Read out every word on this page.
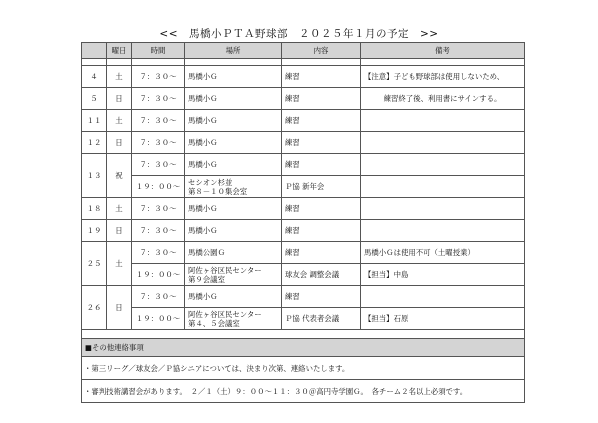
<<　馬橋小ＰＴＡ野球部　２０２５年１月の予定　>>
	曜日	時間	場所	内容	備考

４	土	７：３０～	馬橋小Ｇ	練習	【注意】子ども野球部は使用しないため、
５	日	７：３０～	馬橋小Ｇ	練習	練習終了後、利用書にサインする。
１１	土	７：３０～	馬橋小Ｇ	練習	
１２	日	７：３０～	馬橋小Ｇ	練習	
１３	祝	７：３０～	馬橋小Ｇ	練習	
		１９：００～	セシオン杉並
第８－１０集会室	Ｐ協 新年会	
１８	土	７：３０～	馬橋小Ｇ	練習	
１９	日	７：３０～	馬橋小Ｇ	練習	
２５	土	７：３０～	馬橋公園Ｇ	練習	馬橋小Ｇは使用不可（土曜授業）
		１９：００～	阿佐ヶ谷区民センター
第９会議室	球友会 調整会議	【担当】中島
２６	日	７：３０～	馬橋小Ｇ	練習	
		１９：００～	阿佐ヶ谷区民センター
第４、５会議室	Ｐ協 代表者会議	【担当】石原

■その他連絡事項					
・第三リーグ／球友会／Ｐ協シニアについては、決まり次第、連絡いたします。					
・審判技術講習会があります。　２／１（土）９：００～１１：３０＠高円寺学園Ｇ。　各チーム２名以上必須です。					
